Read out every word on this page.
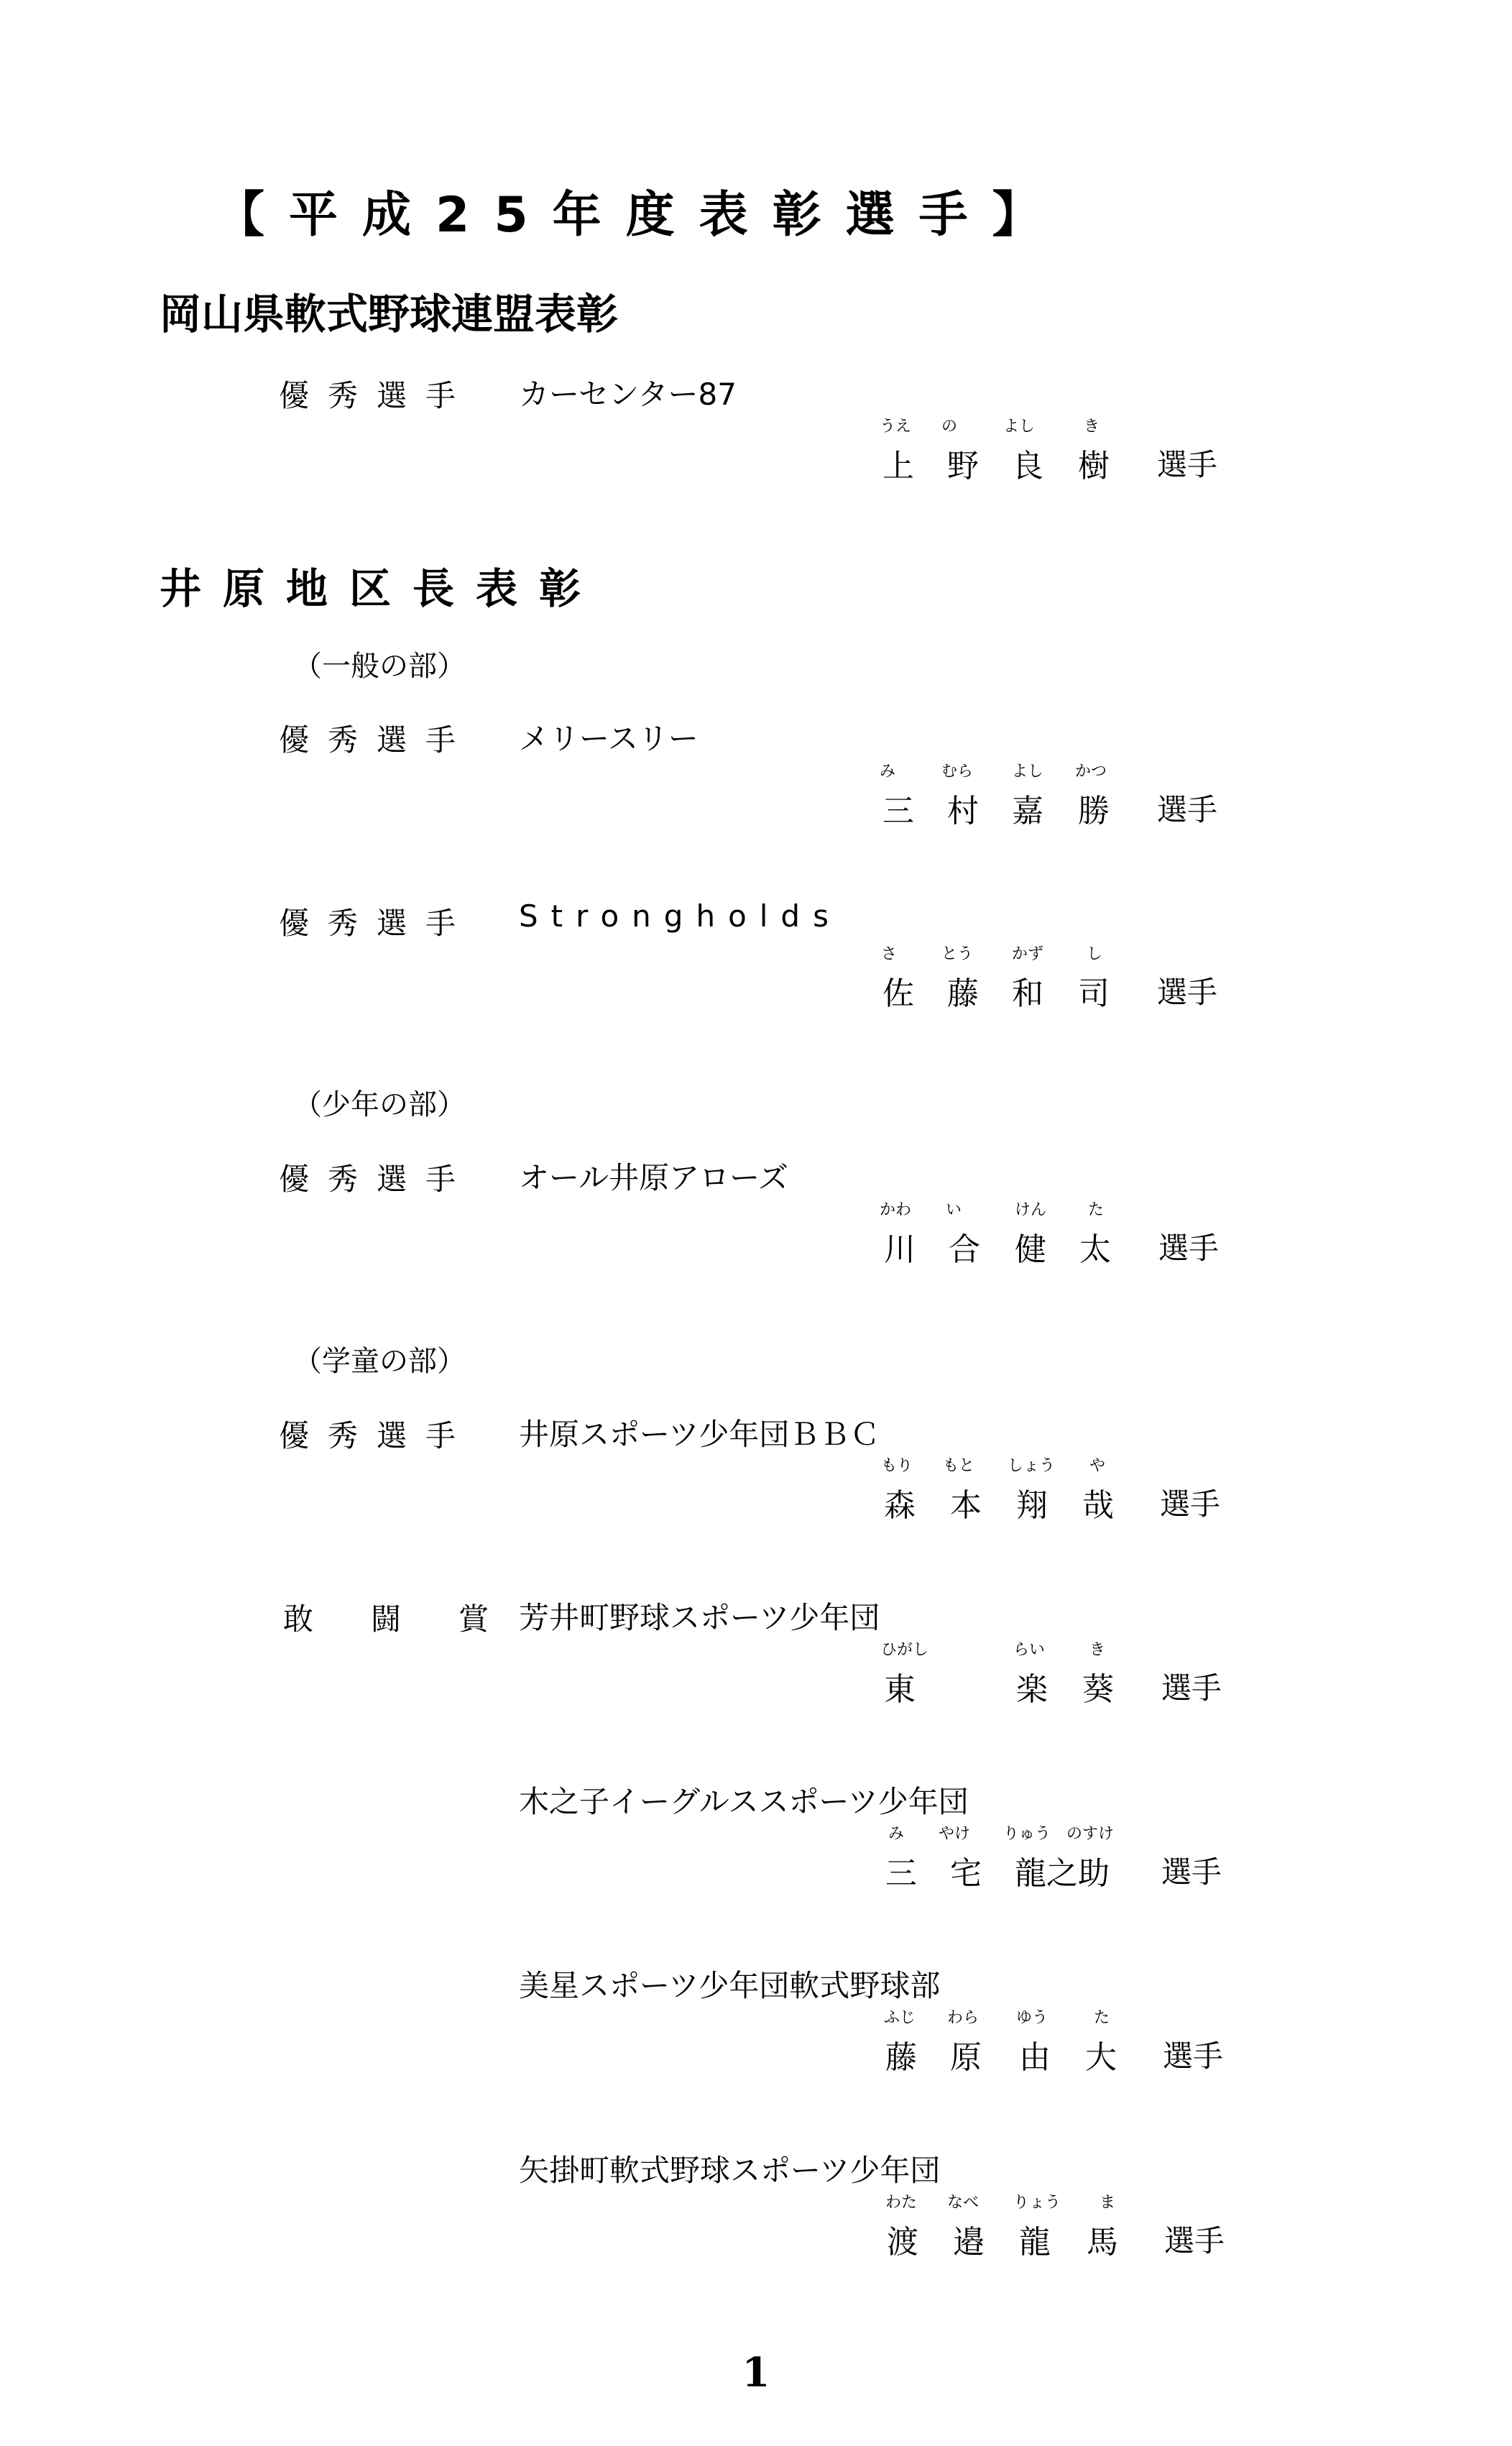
【平成25年度表彰選手】
岡山県軟式野球連盟表彰
優秀選手 カーセンター87
うえ の	よし	き
上 野 良 樹 選手
井原地区長表彰
（一般の部）
優秀選手 メリースリー
み	むら よし かつ
三 村 嘉 勝 選手
優秀選手 Strongholds
さ	とう かず	し
佐 藤 和 司 選手
（少年の部）
優秀選手 オール井原アローズ
かわ い	けん	た
川 合 健 太 選手
（学童の部）
優秀選手 井原スポーツ少年団ＢＢＣ
もり もと しょう や
森 本 翔 哉 選手
敢闘賞
芳井町野球スポーツ少年団
ひがし	らい	き
東	楽 葵 選手
木之子イーグルススポーツ少年団
み やけ りゅう のすけ
三 宅 龍之助 選手
美星スポーツ少年団軟式野球部
ふじ わら ゆう	た
藤 原 由 大 選手
矢掛町軟式野球スポーツ少年団
わた なべ りょう ま
渡 邉 龍 馬 選手
1
